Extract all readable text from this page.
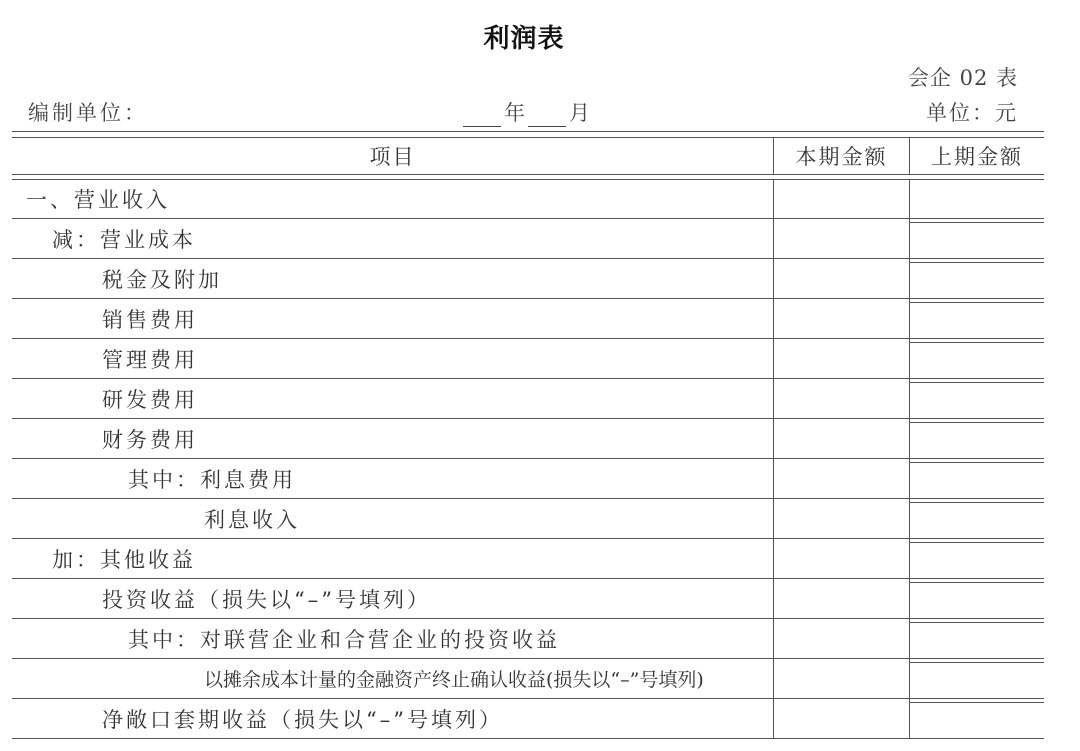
利润表
会企 02 表
编制单位：	年 月	单位：元
项目	本期金额	上期金额
一、营业收入
减：营业成本
税金及附加
销售费用
管理费用
研发费用
财务费用
其中：利息费用
利息收入
加：其他收益
投资收益（损失以“–”号填列）
其中：对联营企业和合营企业的投资收益
以摊余成本计量的金融资产终止确认收益(损失以“–”号填列)
净敞口套期收益（损失以“–”号填列）
